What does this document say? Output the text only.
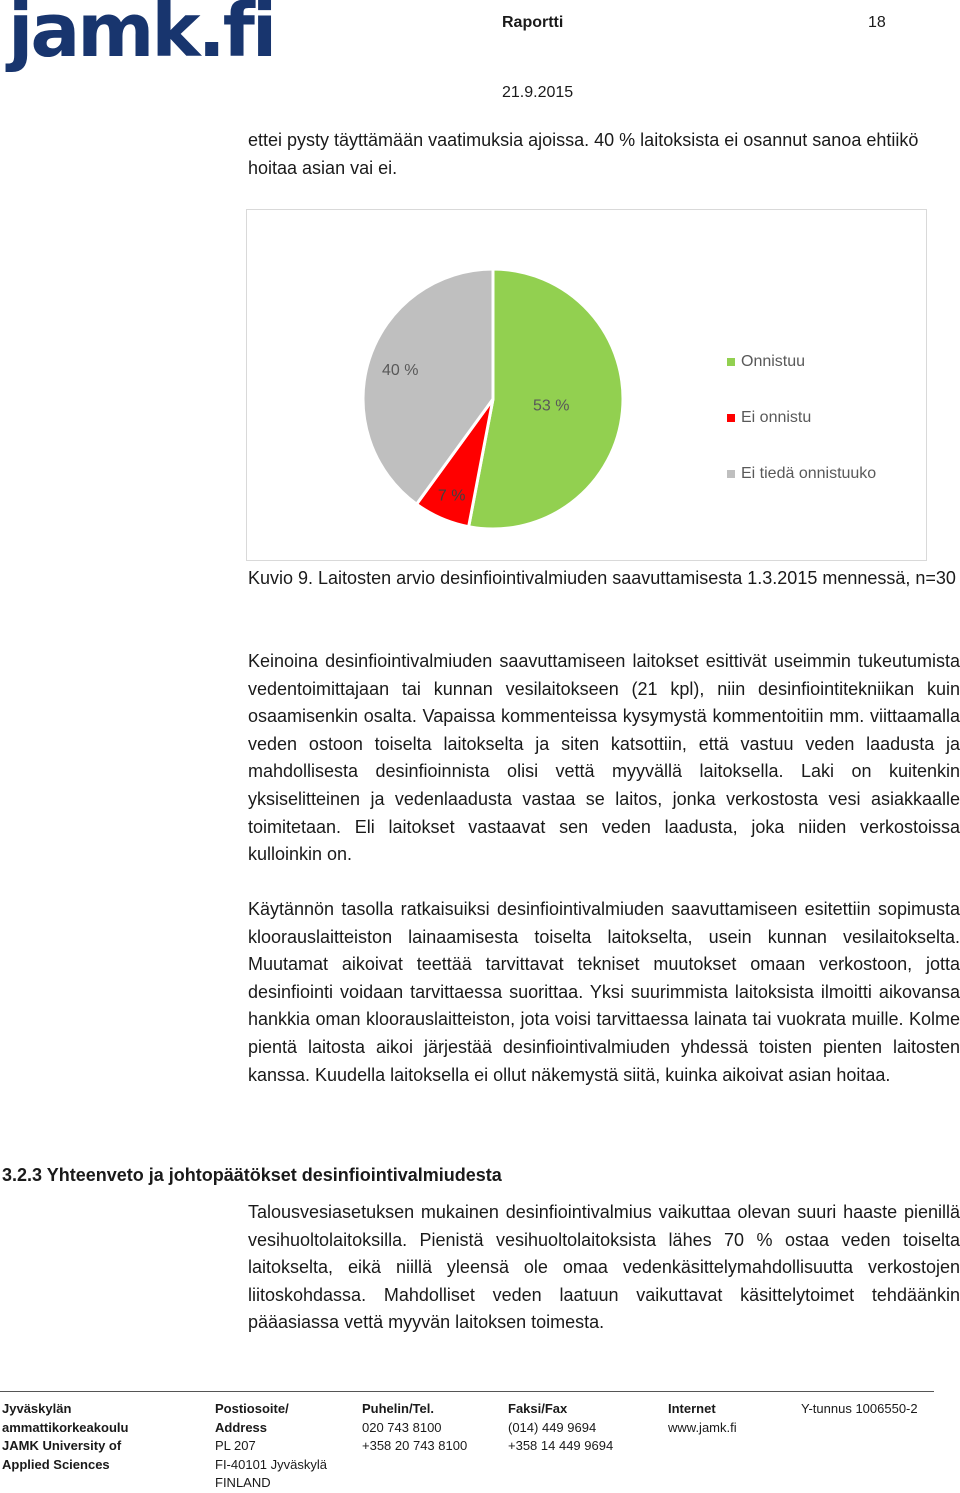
jamk.fi	Raportti	18
21.9.2015

ettei pysty täyttämään vaatimuksia ajoissa. 40 % laitoksista ei osannut sanoa ehtiikö hoitaa asian vai ei.

53 %
7 %
40 %
Onnistuu
Ei onnistu
Ei tiedä onnistuuko
Kuvio 9. Laitosten arvio desinfiointivalmiuden saavuttamisesta 1.3.2015 mennessä, n=30

Keinoina desinfiointivalmiuden saavuttamiseen laitokset esittivät useimmin tukeutumista vedentoimittajaan tai kunnan vesilaitokseen (21 kpl), niin desinfiointitekniikan kuin osaamisenkin osalta. Vapaissa kommenteissa kysymystä kommentoitiin mm. viittaamalla veden ostoon toiselta laitokselta ja siten katsottiin, että vastuu veden laadusta ja mahdollisesta desinfioinnista olisi vettä myyvällä laitoksella. Laki on kuitenkin yksiselitteinen ja vedenlaadusta vastaa se laitos, jonka verkostosta vesi asiakkaalle toimitetaan. Eli laitokset vastaavat sen veden laadusta, joka niiden verkostoissa kulloinkin on.

Käytännön tasolla ratkaisuiksi desinfiointivalmiuden saavuttamiseen esitettiin sopimusta kloorauslaitteiston lainaamisesta toiselta laitokselta, usein kunnan vesilaitokselta. Muutamat aikoivat teettää tarvittavat tekniset muutokset omaan verkostoon, jotta desinfiointi voidaan tarvittaessa suorittaa. Yksi suurimmista laitoksista ilmoitti aikovansa hankkia oman kloorauslaitteiston, jota voisi tarvittaessa lainata tai vuokrata muille. Kolme pientä laitosta aikoi järjestää desinfiointivalmiuden yhdessä toisten pienten laitosten kanssa. Kuudella laitoksella ei ollut näkemystä siitä, kuinka aikoivat asian hoitaa.

3.2.3 Yhteenveto ja johtopäätökset desinfiointivalmiudesta

Talousvesiasetuksen mukainen desinfiointivalmius vaikuttaa olevan suuri haaste pienillä vesihuoltolaitoksilla. Pienistä vesihuoltolaitoksista lähes 70 % ostaa veden toiselta laitokselta, eikä niillä yleensä ole omaa vedenkäsittelymahdollisuutta verkostojen liitoskohdassa. Mahdolliset veden laatuun vaikuttavat käsittelytoimet tehdäänkin pääasiassa vettä myyvän laitoksen toimesta.

Jyväskylän
ammattikorkeakoulu
JAMK University of
Applied Sciences
Postiosoite/
Address
PL 207
FI-40101 Jyväskylä
FINLAND
Puhelin/Tel.
020 743 8100
+358 20 743 8100
Faksi/Fax
(014) 449 9694
+358 14 449 9694
Internet
www.jamk.fi
Y-tunnus 1006550-2
